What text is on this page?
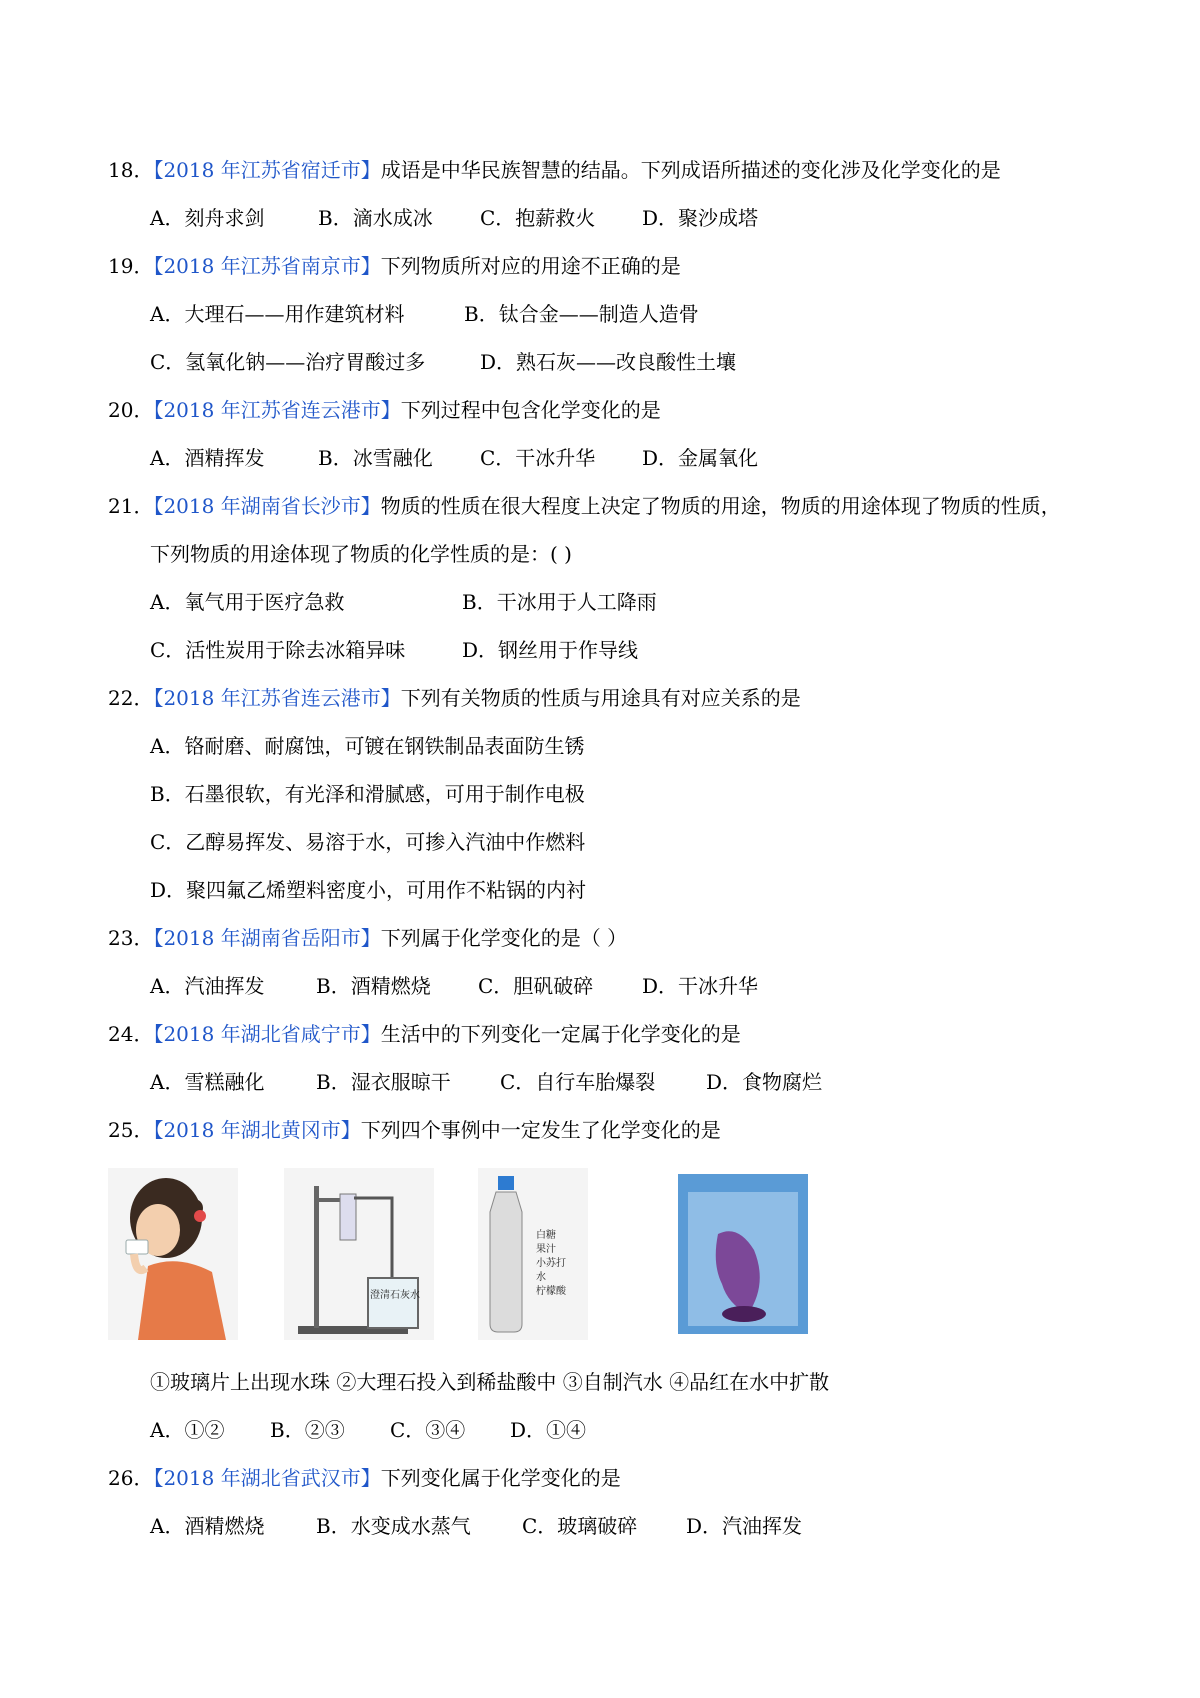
18．【2018 年江苏省宿迁市】成语是中华民族智慧的结晶。下列成语所描述的变化涉及化学变化的是
A．刻舟求剑	B．滴水成冰 C．抱薪救火 D．聚沙成塔
19．【2018 年江苏省南京市】下列物质所对应的用途不正确的是
A．大理石——用作建筑材料	B．钛合金——制造人造骨
C．氢氧化钠——治疗胃酸过多	D．熟石灰——改良酸性土壤
20．【2018 年江苏省连云港市】下列过程中包含化学变化的是
A．酒精挥发	B．冰雪融化 C．干冰升华 D．金属氧化
21．【2018 年湖南省长沙市】物质的性质在很大程度上决定了物质的用途，物质的用途体现了物质的性质，
下列物质的用途体现了物质的化学性质的是：( )
A．氧气用于医疗急救	B．干冰用于人工降雨
C．活性炭用于除去冰箱异味	D．钢丝用于作导线
22．【2018 年江苏省连云港市】下列有关物质的性质与用途具有对应关系的是
A．铬耐磨、耐腐蚀，可镀在钢铁制品表面防生锈
B．石墨很软，有光泽和滑腻感，可用于制作电极
C．乙醇易挥发、易溶于水，可掺入汽油中作燃料
D．聚四氟乙烯塑料密度小，可用作不粘锅的内衬
23．【2018 年湖南省岳阳市】下列属于化学变化的是（ ）
A．汽油挥发	B．酒精燃烧 C．胆矾破碎 D．干冰升华
24．【2018 年湖北省咸宁市】生活中的下列变化一定属于化学变化的是
A．雪糕融化	B．湿衣服晾干 C．自行车胎爆裂	D．食物腐烂
25．【2018 年湖北黄冈市】下列四个事例中一定发生了化学变化的是
澄清石灰水
白糖
果汁
小苏打
水
柠檬酸
①玻璃片上出现水珠 ②大理石投入到稀盐酸中 ③自制汽水 ④品红在水中扩散
A．①② B．②③ C．③④ D．①④
26．【2018 年湖北省武汉市】下列变化属于化学变化的是
A．酒精燃烧	B．水变成水蒸气	C．玻璃破碎 D．汽油挥发
